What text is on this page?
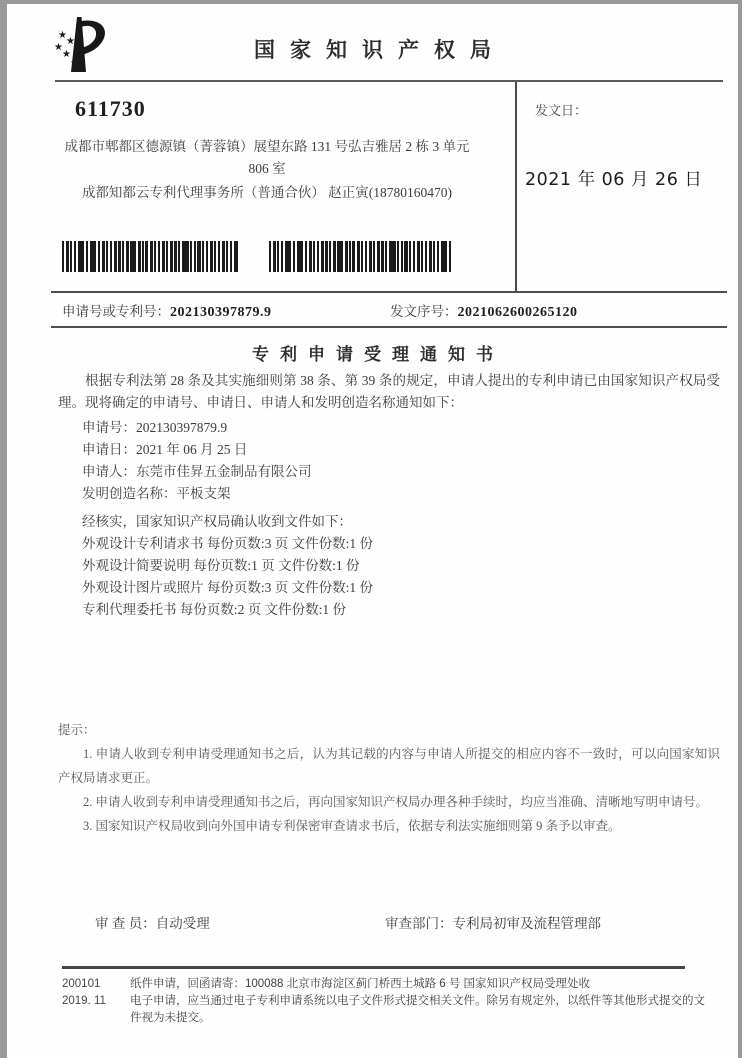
★
★
★
★
★
国家知识产权局
611730
成都市郫都区德源镇（菁蓉镇）展望东路 131 号弘吉雅居 2 栋 3 单元
806 室
成都知都云专利代理事务所（普通合伙） 赵正寅(18780160470)
发文日：
2021 年 06 月 26 日
申请号或专利号：202130397879.9	发文序号：2021062600265120
专利申请受理通知书
根据专利法第 28 条及其实施细则第 38 条、第 39 条的规定，申请人提出的专利申请已由国家知识产权局受理。现将确定的申请号、申请日、申请人和发明创造名称通知如下：
申请号：202130397879.9
申请日：2021 年 06 月 25 日
申请人：东莞市佳昇五金制品有限公司
发明创造名称：平板支架
经核实，国家知识产权局确认收到文件如下：
外观设计专利请求书 每份页数:3 页 文件份数:1 份
外观设计简要说明 每份页数:1 页 文件份数:1 份
外观设计图片或照片 每份页数:3 页 文件份数:1 份
专利代理委托书 每份页数:2 页 文件份数:1 份
提示：
1. 申请人收到专利申请受理通知书之后，认为其记载的内容与申请人所提交的相应内容不一致时，可以向国家知识产权局请求更正。
2. 申请人收到专利申请受理通知书之后，再向国家知识产权局办理各种手续时，均应当准确、清晰地写明申请号。
3. 国家知识产权局收到向外国申请专利保密审查请求书后，依据专利法实施细则第 9 条予以审查。
审 查 员：自动受理	审查部门：专利局初审及流程管理部
200101
2019. 11
纸件申请，回函请寄：100088 北京市海淀区蓟门桥西土城路 6 号 国家知识产权局受理处收
电子申请，应当通过电子专利申请系统以电子文件形式提交相关文件。除另有规定外，以纸件等其他形式提交的文件视为未提交。
